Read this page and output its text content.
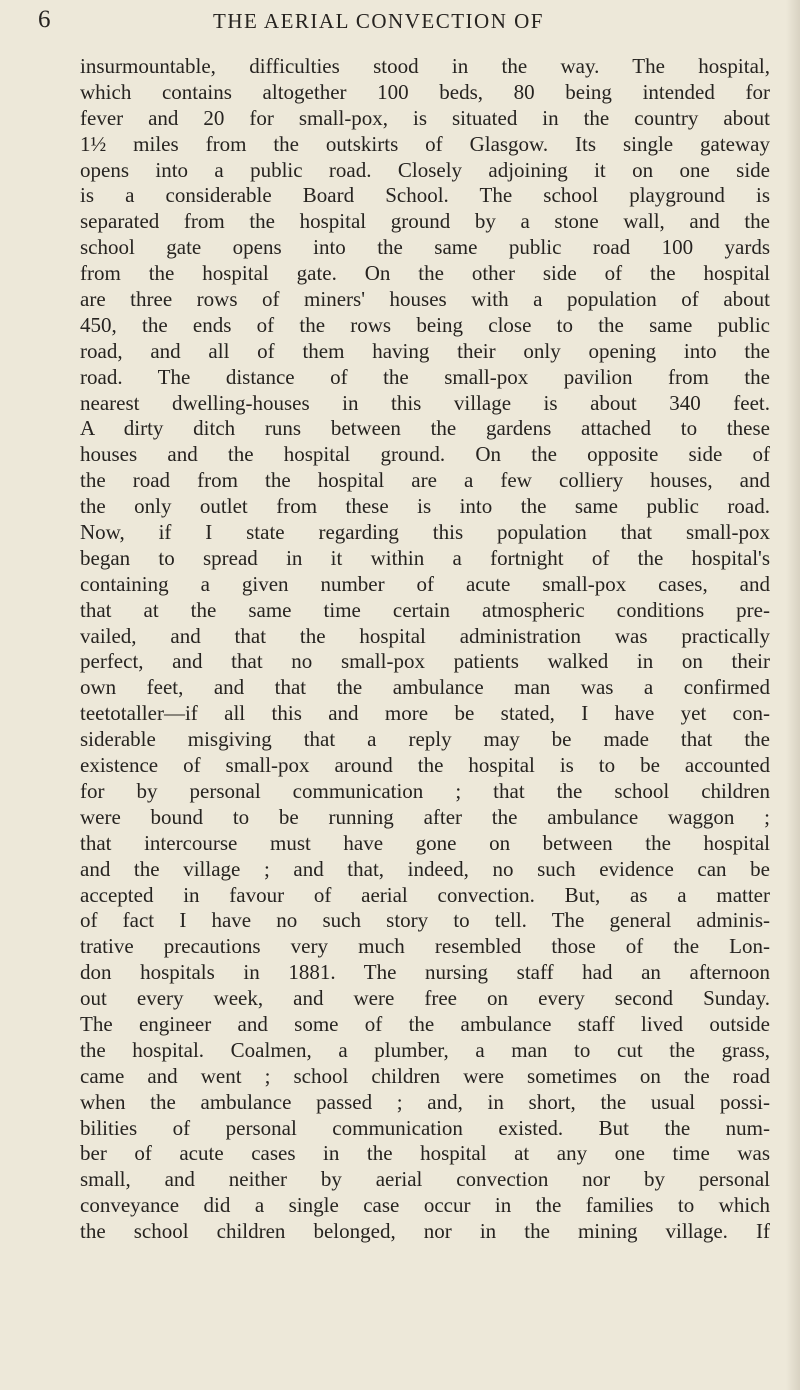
6	THE AERIAL CONVECTION OF
insurmountable, difficulties stood in the way. The hospital,
which contains altogether 100 beds, 80 being intended for
fever and 20 for small-pox, is situated in the country about
1½ miles from the outskirts of Glasgow. Its single gateway
opens into a public road. Closely adjoining it on one side
is a considerable Board School. The school playground is
separated from the hospital ground by a stone wall, and the
school gate opens into the same public road 100 yards
from the hospital gate. On the other side of the hospital
are three rows of miners' houses with a population of about
450, the ends of the rows being close to the same public
road, and all of them having their only opening into the
road. The distance of the small-pox pavilion from the
nearest dwelling-houses in this village is about 340 feet.
A dirty ditch runs between the gardens attached to these
houses and the hospital ground. On the opposite side of
the road from the hospital are a few colliery houses, and
the only outlet from these is into the same public road.
Now, if I state regarding this population that small-pox
began to spread in it within a fortnight of the hospital's
containing a given number of acute small-pox cases, and
that at the same time certain atmospheric conditions pre-
vailed, and that the hospital administration was practically
perfect, and that no small-pox patients walked in on their
own feet, and that the ambulance man was a confirmed
teetotaller—if all this and more be stated, I have yet con-
siderable misgiving that a reply may be made that the
existence of small-pox around the hospital is to be accounted
for by personal communication ; that the school children
were bound to be running after the ambulance waggon ;
that intercourse must have gone on between the hospital
and the village ; and that, indeed, no such evidence can be
accepted in favour of aerial convection. But, as a matter
of fact I have no such story to tell. The general adminis-
trative precautions very much resembled those of the Lon-
don hospitals in 1881. The nursing staff had an afternoon
out every week, and were free on every second Sunday.
The engineer and some of the ambulance staff lived outside
the hospital. Coalmen, a plumber, a man to cut the grass,
came and went ; school children were sometimes on the road
when the ambulance passed ; and, in short, the usual possi-
bilities of personal communication existed. But the num-
ber of acute cases in the hospital at any one time was
small, and neither by aerial convection nor by personal
conveyance did a single case occur in the families to which
the school children belonged, nor in the mining village. If
